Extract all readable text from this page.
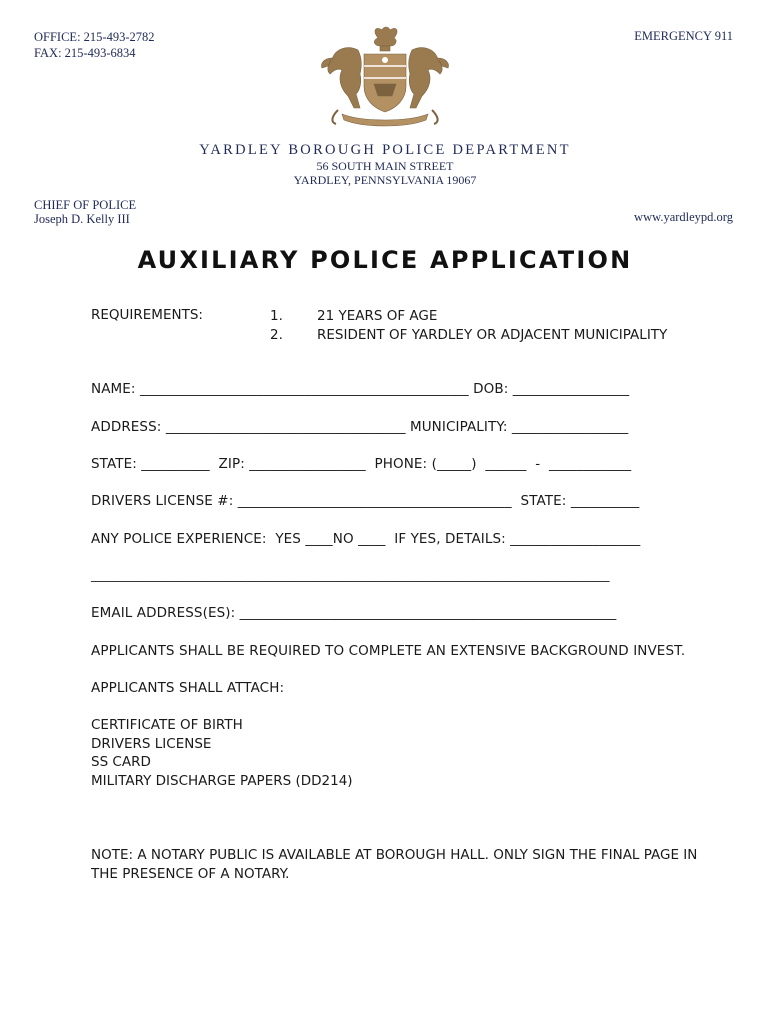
OFFICE: 215-493-2782
FAX: 215-493-6834
EMERGENCY 911
YARDLEY BOROUGH POLICE DEPARTMENT
56 SOUTH MAIN STREET
YARDLEY, PENNSYLVANIA 19067
CHIEF OF POLICE
Joseph D. Kelly III	www.yardleypd.org
AUXILIARY POLICE APPLICATION
REQUIREMENTS:	1.	21 YEARS OF AGE
2.	RESIDENT OF YARDLEY OR ADJACENT MUNICIPALITY
NAME: ________________________________________________ DOB: _________________
ADDRESS: ___________________________________ MUNICIPALITY: _________________
STATE: __________  ZIP: _________________  PHONE: (_____)  ______  -  ____________
DRIVERS LICENSE #: ________________________________________  STATE: __________
ANY POLICE EXPERIENCE:  YES ____NO ____  IF YES, DETAILS: ___________________
___________________________________________________________________________________
EMAIL ADDRESS(ES): _______________________________________________________
APPLICANTS SHALL BE REQUIRED TO COMPLETE AN EXTENSIVE BACKGROUND INVEST.
APPLICANTS SHALL ATTACH:
CERTIFICATE OF BIRTH
DRIVERS LICENSE
SS CARD
MILITARY DISCHARGE PAPERS (DD214)
NOTE: A NOTARY PUBLIC IS AVAILABLE AT BOROUGH HALL. ONLY SIGN THE FINAL PAGE IN
THE PRESENCE OF A NOTARY.
